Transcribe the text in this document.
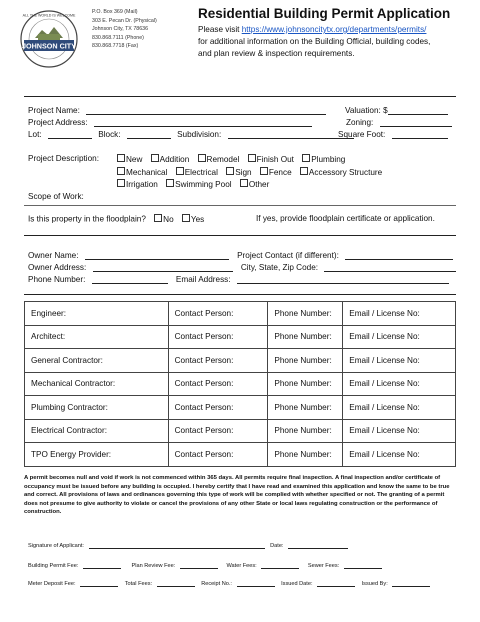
JOHNSON CITY
ALL THE WORLD IS WELCOME
P.O. Box 369 (Mail)
303 E. Pecan Dr. (Physical)
Johnson City, TX 78636
830.868.7111 (Phone)
830.868.7718 (Fax)
Residential Building Permit Application
Please visit https://www.johnsoncitytx.org/departments/permits/
for additional information on the Building Official, building codes,
and plan review & inspection requirements.
Project Name:	Valuation: $
Project Address:	Zoning:
Lot:	Block:	Subdivision:	Square Foot:
Project Description:	New Addition Remodel Finish Out Plumbing
Mechanical Electrical Sign Fence Accessory Structure
Irrigation Swimming Pool Other
Scope of Work:
Is this property in the floodplain? No Yes	If yes, provide floodplain certificate or application.
Owner Name:	Project Contact (if different):
Owner Address:	City, State, Zip Code:
Phone Number:	Email Address:
Engineer:	Contact Person:	Phone Number:	Email / License No:
Architect:	Contact Person:	Phone Number:	Email / License No:
General Contractor:	Contact Person:	Phone Number:	Email / License No:
Mechanical Contractor:	Contact Person:	Phone Number:	Email / License No:
Plumbing Contractor:	Contact Person:	Phone Number:	Email / License No:
Electrical Contractor:	Contact Person:	Phone Number:	Email / License No:
TPO Energy Provider:	Contact Person:	Phone Number:	Email / License No:
A permit becomes null and void if work is not commenced within 365 days. All permits require final inspection. A final inspection and/or certificate of occupancy must be issued before any building is occupied. I hereby certify that I have read and examined this application and know the same to be true and correct. All provisions of laws and ordinances governing this type of work will be complied with whether specified or not. The granting of a permit does not presume to give authority to violate or cancel the provisions of any other State or local laws regulating construction or the performance of construction.
Signature of Applicant:	Date:
Building Permit Fee:	Plan Review Fee:	Water Fees:	Sewer Fees:
Meter Deposit Fee:	Total Fees:	Receipt No.:	Issued Date:	Issued By:
